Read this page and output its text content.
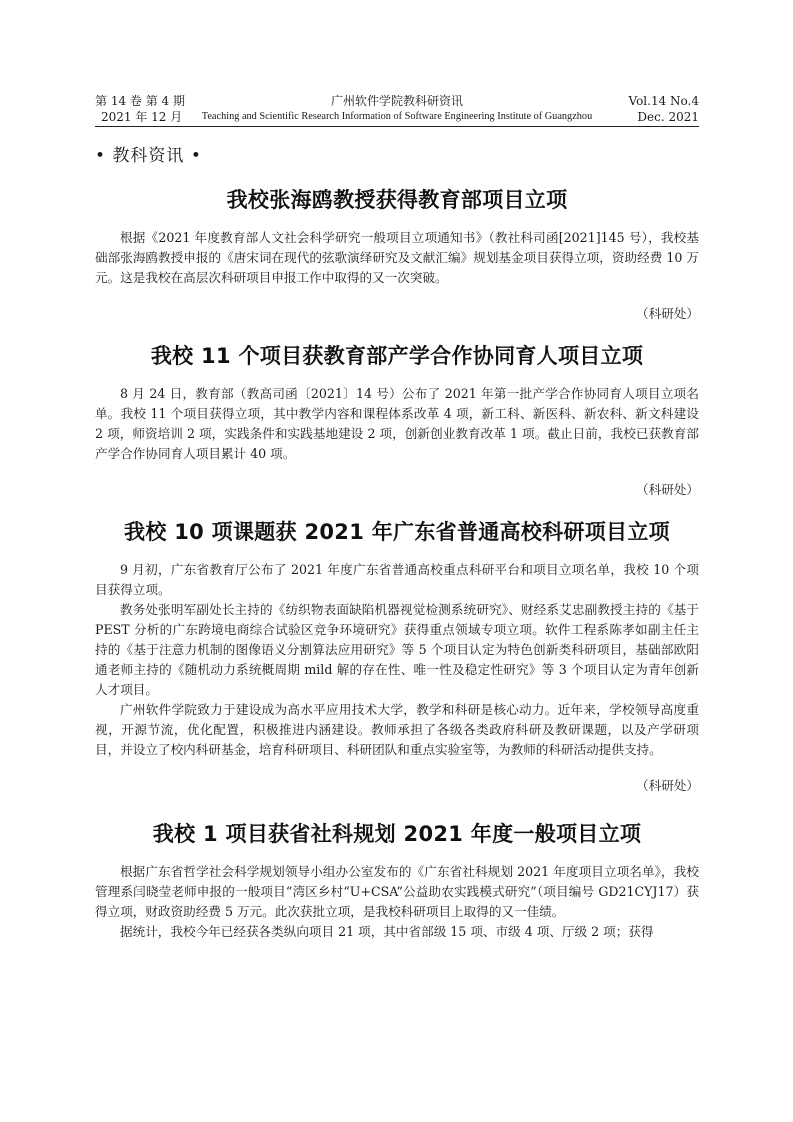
第 14 卷 第 4 期
2021 年 12 月
广州软件学院教科研资讯
Teaching and Scientific Research Information of Software Engineering Institute of Guangzhou
Vol.14 No.4
Dec. 2021
• 教科资讯 •
我校张海鸥教授获得教育部项目立项

根据《2021 年度教育部人文社会科学研究一般项目立项通知书》（教社科司函[2021]145 号），我校基础部张海鸥教授申报的《唐宋词在现代的弦歌演绎研究及文献汇编》规划基金项目获得立项，资助经费 10 万元。这是我校在高层次科研项目申报工作中取得的又一次突破。

（科研处）
我校 11 个项目获教育部产学合作协同育人项目立项

8 月 24 日，教育部（教高司函〔2021〕14 号）公布了 2021 年第一批产学合作协同育人项目立项名单。我校 11 个项目获得立项，其中教学内容和课程体系改革 4 项，新工科、新医科、新农科、新文科建设 2 项，师资培训 2 项，实践条件和实践基地建设 2 项，创新创业教育改革 1 项。截止日前，我校已获教育部产学合作协同育人项目累计 40 项。

（科研处）
我校 10 项课题获 2021 年广东省普通高校科研项目立项

9 月初，广东省教育厅公布了 2021 年度广东省普通高校重点科研平台和项目立项名单，我校 10 个项目获得立项。

教务处张明军副处长主持的《纺织物表面缺陷机器视觉检测系统研究》、财经系艾忠副教授主持的《基于 PEST 分析的广东跨境电商综合试验区竞争环境研究》获得重点领域专项立项。软件工程系陈孝如副主任主持的《基于注意力机制的图像语义分割算法应用研究》等 5 个项目认定为特色创新类科研项目，基础部欧阳通老师主持的《随机动力系统概周期 mild 解的存在性、唯一性及稳定性研究》等 3 个项目认定为青年创新人才项目。

广州软件学院致力于建设成为高水平应用技术大学，教学和科研是核心动力。近年来，学校领导高度重视，开源节流，优化配置，积极推进内涵建设。教师承担了各级各类政府科研及教研课题，以及产学研项目，并设立了校内科研基金，培育科研项目、科研团队和重点实验室等，为教师的科研活动提供支持。

（科研处）
我校 1 项目获省社科规划 2021 年度一般项目立项

根据广东省哲学社会科学规划领导小组办公室发布的《广东省社科规划 2021 年度项目立项名单》，我校管理系闫晓莹老师申报的一般项目“湾区乡村“U+CSA”公益助农实践模式研究”（项目编号 GD21CYJ17）获得立项，财政资助经费 5 万元。此次获批立项，是我校科研项目上取得的又一佳绩。

据统计，我校今年已经获各类纵向项目 21 项，其中省部级 15 项、市级 4 项、厅级 2 项；获得
